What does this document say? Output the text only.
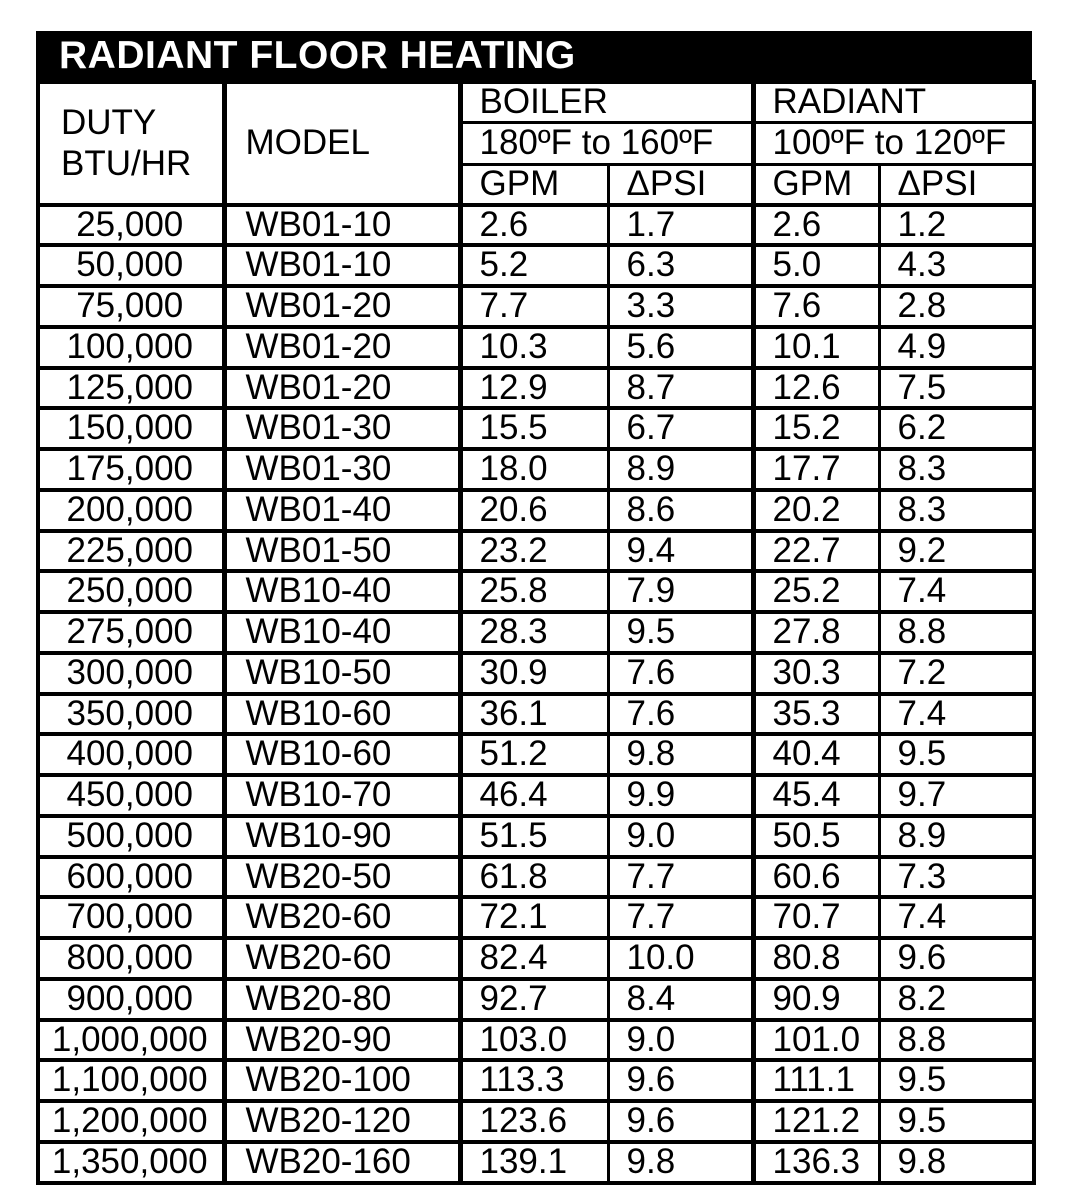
RADIANT FLOOR HEATING
DUTY
BTU/HR	MODEL	BOILER		RADIANT	
		180ºF to 160ºF		100ºF to 120ºF	
		GPM	ΔPSI	GPM	ΔPSI
25,000	WB01-10	2.6	1.7	2.6	1.2
50,000	WB01-10	5.2	6.3	5.0	4.3
75,000	WB01-20	7.7	3.3	7.6	2.8
100,000	WB01-20	10.3	5.6	10.1	4.9
125,000	WB01-20	12.9	8.7	12.6	7.5
150,000	WB01-30	15.5	6.7	15.2	6.2
175,000	WB01-30	18.0	8.9	17.7	8.3
200,000	WB01-40	20.6	8.6	20.2	8.3
225,000	WB01-50	23.2	9.4	22.7	9.2
250,000	WB10-40	25.8	7.9	25.2	7.4
275,000	WB10-40	28.3	9.5	27.8	8.8
300,000	WB10-50	30.9	7.6	30.3	7.2
350,000	WB10-60	36.1	7.6	35.3	7.4
400,000	WB10-60	51.2	9.8	40.4	9.5
450,000	WB10-70	46.4	9.9	45.4	9.7
500,000	WB10-90	51.5	9.0	50.5	8.9
600,000	WB20-50	61.8	7.7	60.6	7.3
700,000	WB20-60	72.1	7.7	70.7	7.4
800,000	WB20-60	82.4	10.0	80.8	9.6
900,000	WB20-80	92.7	8.4	90.9	8.2
1,000,000	WB20-90	103.0	9.0	101.0	8.8
1,100,000	WB20-100	113.3	9.6	111.1	9.5
1,200,000	WB20-120	123.6	9.6	121.2	9.5
1,350,000	WB20-160	139.1	9.8	136.3	9.8
